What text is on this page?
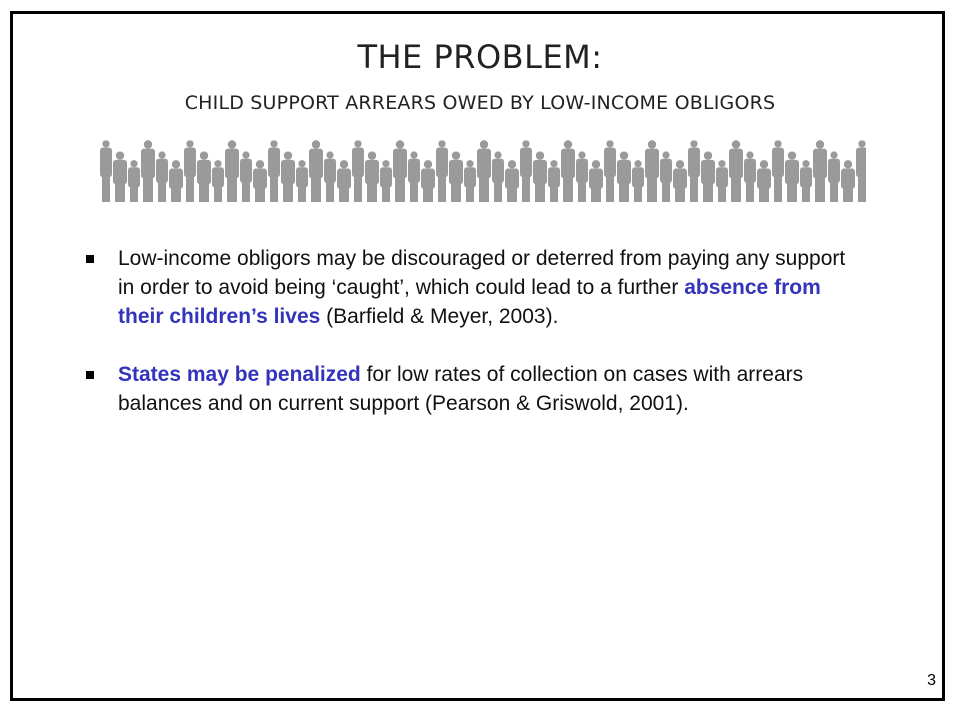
THE PROBLEM:
CHILD SUPPORT ARREARS OWED BY LOW-INCOME OBLIGORS
Low-income obligors may be discouraged or deterred from paying any support in order to avoid being ‘caught’, which could lead to a further absence from their children’s lives (Barfield & Meyer, 2003).
States may be penalized for low rates of collection on cases with arrears balances and on current support (Pearson & Griswold, 2001).
3
